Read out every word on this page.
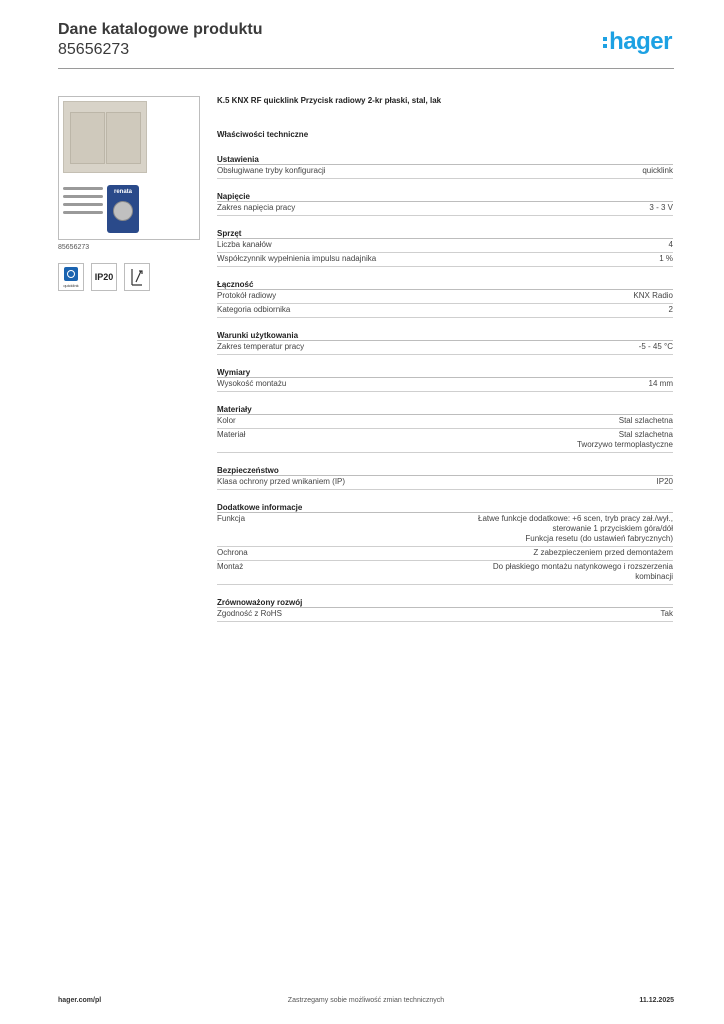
Dane katalogowe produktu
85656273	hager
renata
85656273
quicklink
IP20
K.5 KNX RF quicklink Przycisk radiowy 2-kr płaski, stal, lak
Właściwości techniczne
Ustawienia
Obsługiwane tryby konfiguracji	quicklink
Napięcie
Zakres napięcia pracy	3 - 3 V
Sprzęt
Liczba kanałów	4
Współczynnik wypełnienia impulsu nadajnika	1 %
Łączność
Protokół radiowy	KNX Radio
Kategoria odbiornika	2
Warunki użytkowania
Zakres temperatur pracy	-5 - 45 °C
Wymiary
Wysokość montażu	14 mm
Materiały
Kolor	Stal szlachetna
Materiał	Stal szlachetna
Tworzywo termoplastyczne
Bezpieczeństwo
Klasa ochrony przed wnikaniem (IP)	IP20
Dodatkowe informacje
Funkcja	Łatwe funkcje dodatkowe: +6 scen, tryb pracy zał./wył.,
sterowanie 1 przyciskiem góra/dół
Funkcja resetu (do ustawień fabrycznych)
Ochrona	Z zabezpieczeniem przed demontażem
Montaż	Do płaskiego montażu natynkowego i rozszerzenia
kombinacji
Zrównoważony rozwój
Zgodność z RoHS	Tak
Zastrzegamy sobie możliwość zmian technicznych
hager.com/pl	11.12.2025
